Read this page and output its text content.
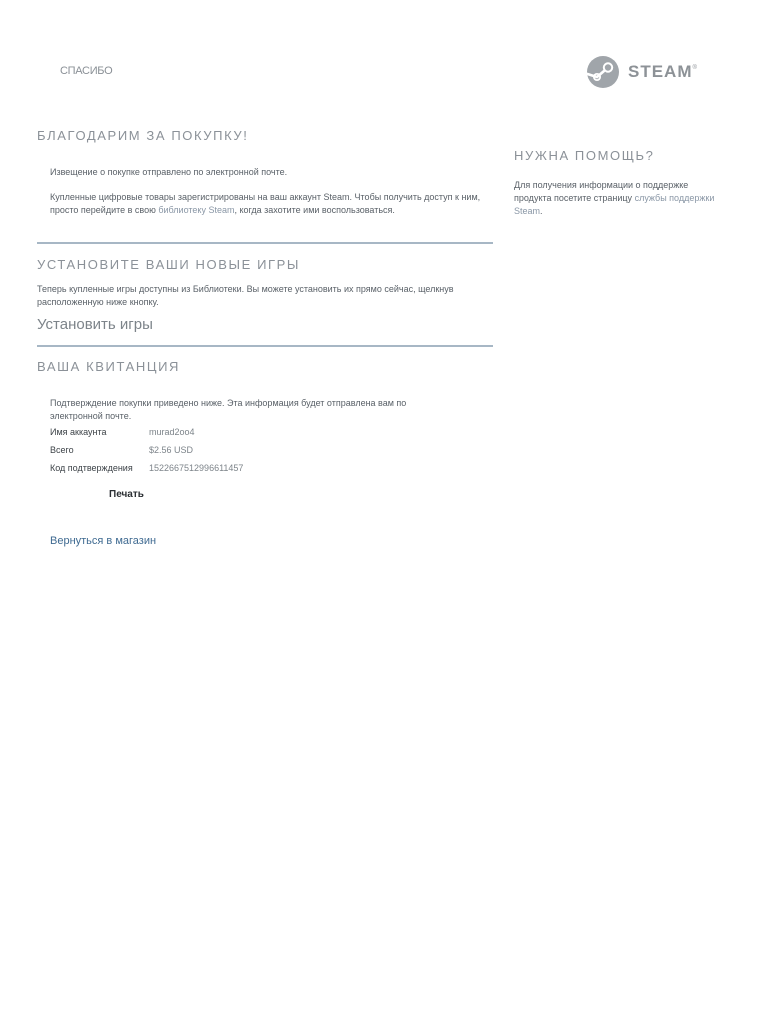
СПАСИБО	STEAM®
БЛАГОДАРИМ ЗА ПОКУПКУ!
Извещение о покупке отправлено по электронной почте.
Купленные цифровые товары зарегистрированы на ваш аккаунт Steam. Чтобы получить доступ к ним, просто перейдите в свою библиотеку Steam, когда захотите ими воспользоваться.
НУЖНА ПОМОЩЬ?
Для получения информации о поддержке продукта посетите страницу службы поддержки Steam.
УСТАНОВИТЕ ВАШИ НОВЫЕ ИГРЫ
Теперь купленные игры доступны из Библиотеки. Вы можете установить их прямо сейчас, щелкнув расположенную ниже кнопку.
Установить игры
ВАША КВИТАНЦИЯ
Подтверждение покупки приведено ниже. Эта информация будет отправлена вам по электронной почте.
Имя аккаунта	murad2oo4
Всего	$2.56 USD
Код подтверждения 1522667512996611457
Печать
Вернуться в магазин
